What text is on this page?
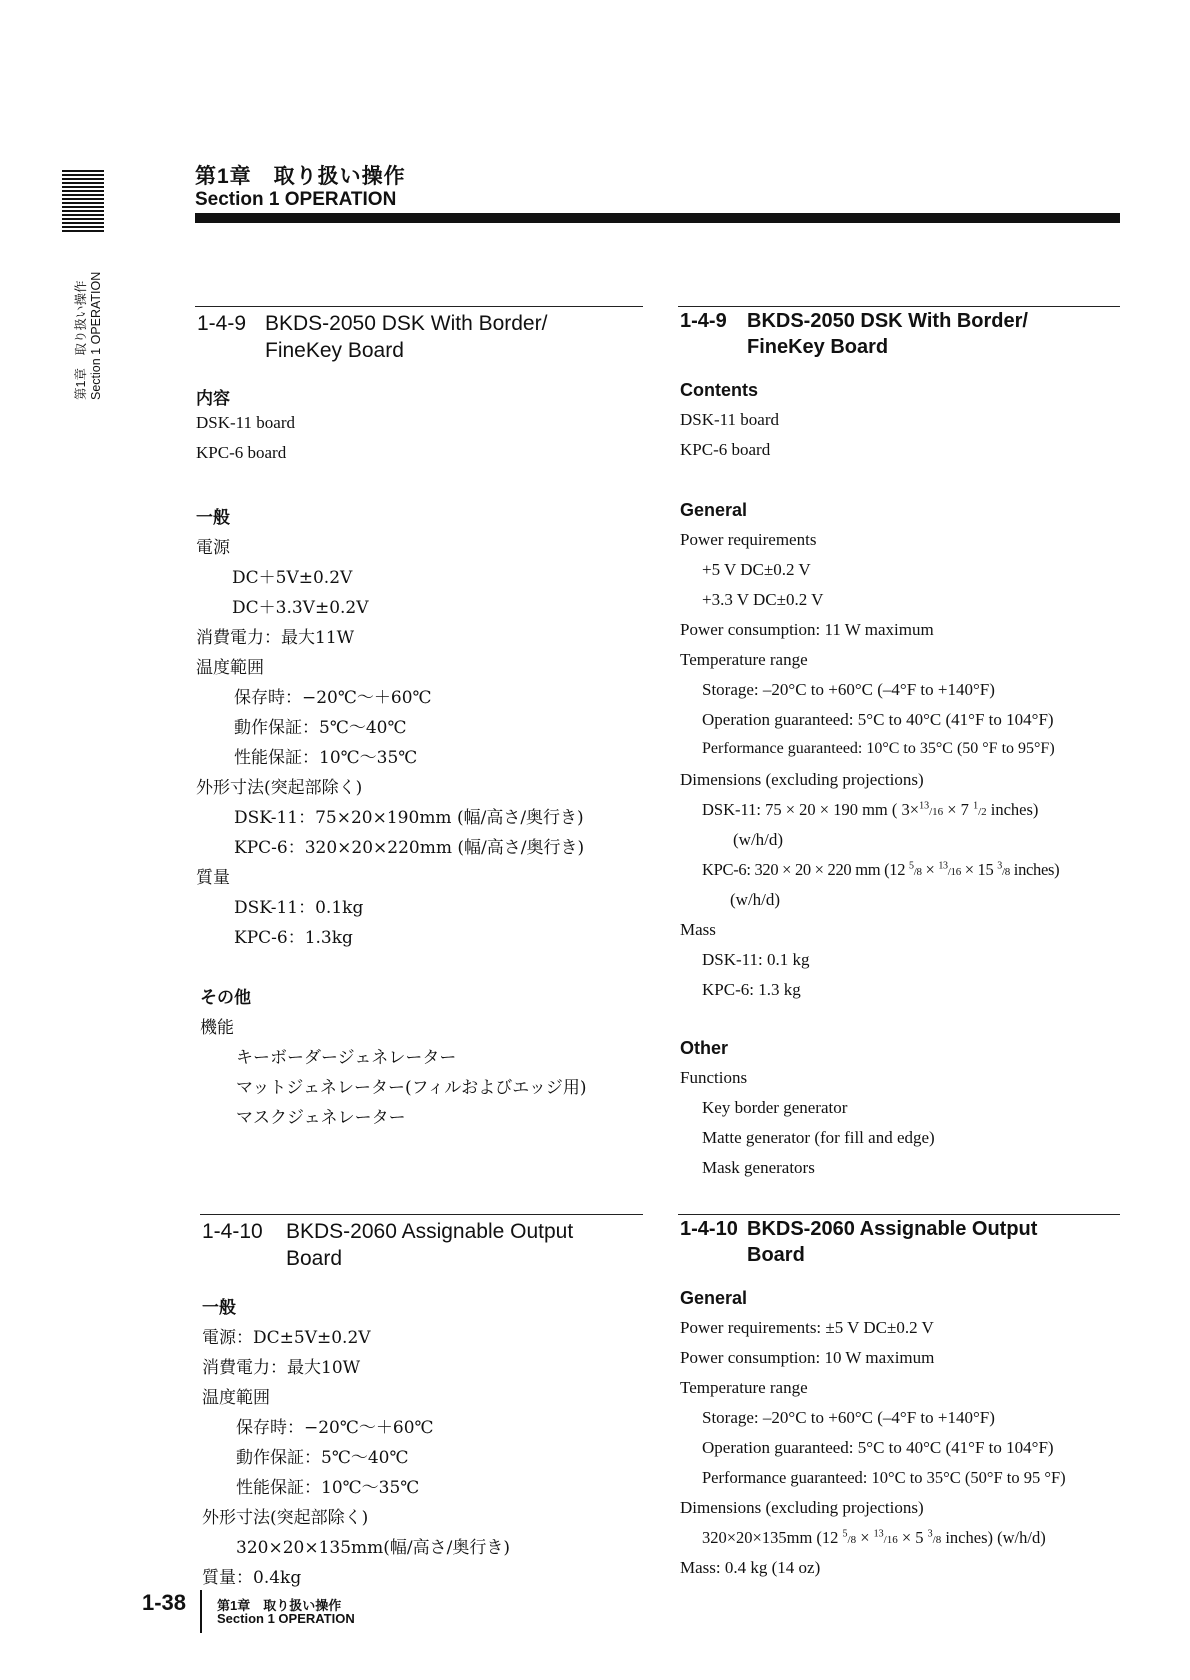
第1章　取り扱い操作 Section 1 OPERATION
第1章　取り扱い操作
Section 1 OPERATION
1-4-9 BKDS-2050 DSK With Border/
FineKey Board
内容
DSK-11 board
KPC-6 board
一般
電源
DC＋5V±0.2V
DC＋3.3V±0.2V
消費電力：最大11W
温度範囲
保存時：−20℃〜＋60℃
動作保証：5℃〜40℃
性能保証：10℃〜35℃
外形寸法(突起部除く)
DSK-11：75×20×190mm (幅/高さ/奥行き)
KPC-6：320×20×220mm (幅/高さ/奥行き)
質量
DSK-11：0.1kg
KPC-6：1.3kg
その他
機能
キーボーダージェネレーター
マットジェネレーター(フィルおよびエッジ用)
マスクジェネレーター
1-4-9 BKDS-2050 DSK With Border/
FineKey Board
Contents
DSK-11 board
KPC-6 board
General
Power requirements
+5 V DC±0.2 V
+3.3 V DC±0.2 V
Power consumption: 11 W maximum
Temperature range
Storage: –20°C to +60°C (–4°F to +140°F)
Operation guaranteed: 5°C to 40°C (41°F to 104°F)
Performance guaranteed: 10°C to 35°C (50 °F to 95°F)
Dimensions (excluding projections)
DSK-11: 75 × 20 × 190 mm ( 3×$^{13}$/16 × 7 $^1$/2 inches)
(w/h/d)
KPC-6: 320 × 20 × 220 mm (12 $^5$/8 × $^{13}$/16 × 15 $^3$/8 inches)
(w/h/d)
Mass
DSK-11: 0.1 kg
KPC-6: 1.3 kg
Other
Functions
Key border generator
Matte generator (for fill and edge)
Mask generators
1-4-10 BKDS-2060 Assignable Output
Board
一般
電源：DC±5V±0.2V
消費電力：最大10W
温度範囲
保存時：−20℃〜＋60℃
動作保証：5℃〜40℃
性能保証：10℃〜35℃
外形寸法(突起部除く)
320×20×135mm(幅/高さ/奥行き)
質量：0.4kg
1-4-10 BKDS-2060 Assignable Output
Board
General
Power requirements: ±5 V DC±0.2 V
Power consumption: 10 W maximum
Temperature range
Storage: –20°C to +60°C (–4°F to +140°F)
Operation guaranteed: 5°C to 40°C (41°F to 104°F)
Performance guaranteed: 10°C to 35°C (50°F to 95 °F)
Dimensions (excluding projections)
320×20×135mm (12 $^5$/8 × $^{13}$/16 × 5 $^3$/8 inches) (w/h/d)
Mass: 0.4 kg (14 oz)
1-38 第1章　取り扱い操作
Section 1 OPERATION
